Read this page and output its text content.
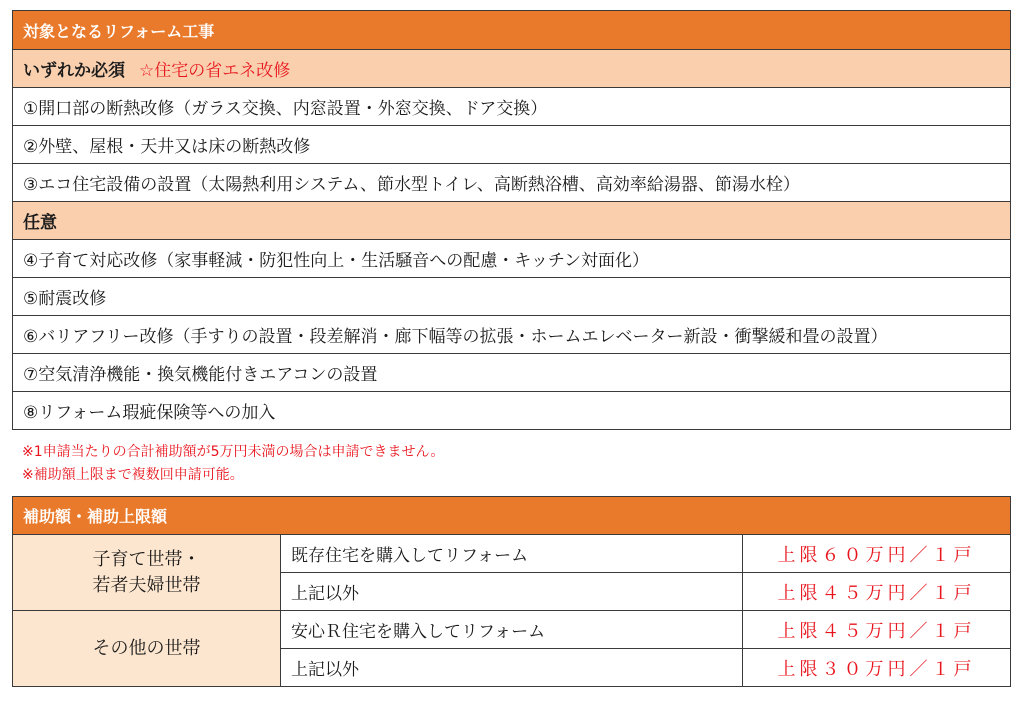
対象となるリフォーム工事
いずれか必須 ☆住宅の省エネ改修
①開口部の断熱改修（ガラス交換、内窓設置・外窓交換、ドア交換）
②外壁、屋根・天井又は床の断熱改修
③エコ住宅設備の設置（太陽熱利用システム、節水型トイレ、高断熱浴槽、高効率給湯器、節湯水栓）
任意
④子育て対応改修（家事軽減・防犯性向上・生活騒音への配慮・キッチン対面化）
⑤耐震改修
⑥バリアフリー改修（手すりの設置・段差解消・廊下幅等の拡張・ホームエレベーター新設・衝撃緩和畳の設置）
⑦空気清浄機能・換気機能付きエアコンの設置
⑧リフォーム瑕疵保険等への加入
※1申請当たりの合計補助額が5万円未満の場合は申請できません。
※補助額上限まで複数回申請可能。
補助額・補助上限額
子育て世帯・
若者夫婦世帯
既存住宅を購入してリフォーム	上限６０万円／１戸
上記以外	上限４５万円／１戸
その他の世帯
安心Ｒ住宅を購入してリフォーム	上限４５万円／１戸
上記以外	上限３０万円／１戸
